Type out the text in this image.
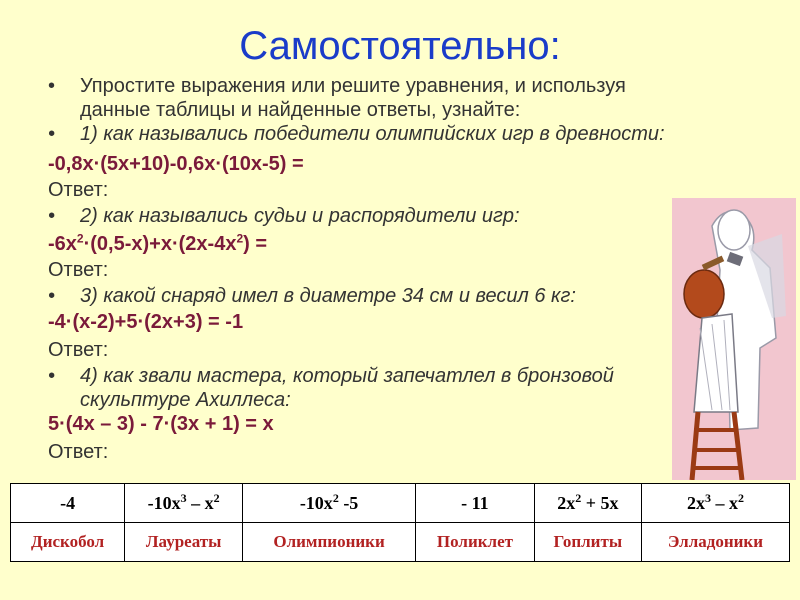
Самостоятельно:
• Упростите выражения или решите уравнения, и используя данные таблицы и найденные ответы, узнайте:
• 1) как назывались победители олимпийских игр в древности:
-0,8x·(5x+10)-0,6x·(10x-5) =
Ответ:
• 2) как назывались судьи и распорядители игр:
$-6x^2\cdot(0,5-x)+x\cdot(2x-4x^2)$ =
Ответ:
• 3) какой снаряд имел в диаметре 34 см и весил 6 кг:
-4·(x-2)+5·(2x+3) = -1
Ответ:
• 4) как звали мастера, который запечатлел в бронзовой скульптуре Ахиллеса:
5·(4x – 3) - 7·(3x + 1) = x
Ответ:
-4	$-10x^3 - x^2$	$-10x^2$ -5	- 11	$2x^2 + 5x$	$2x^3 - x^2$
Дискобол	Лауреаты	Олимпионики	Поликлет	Гоплиты	Элладоники
